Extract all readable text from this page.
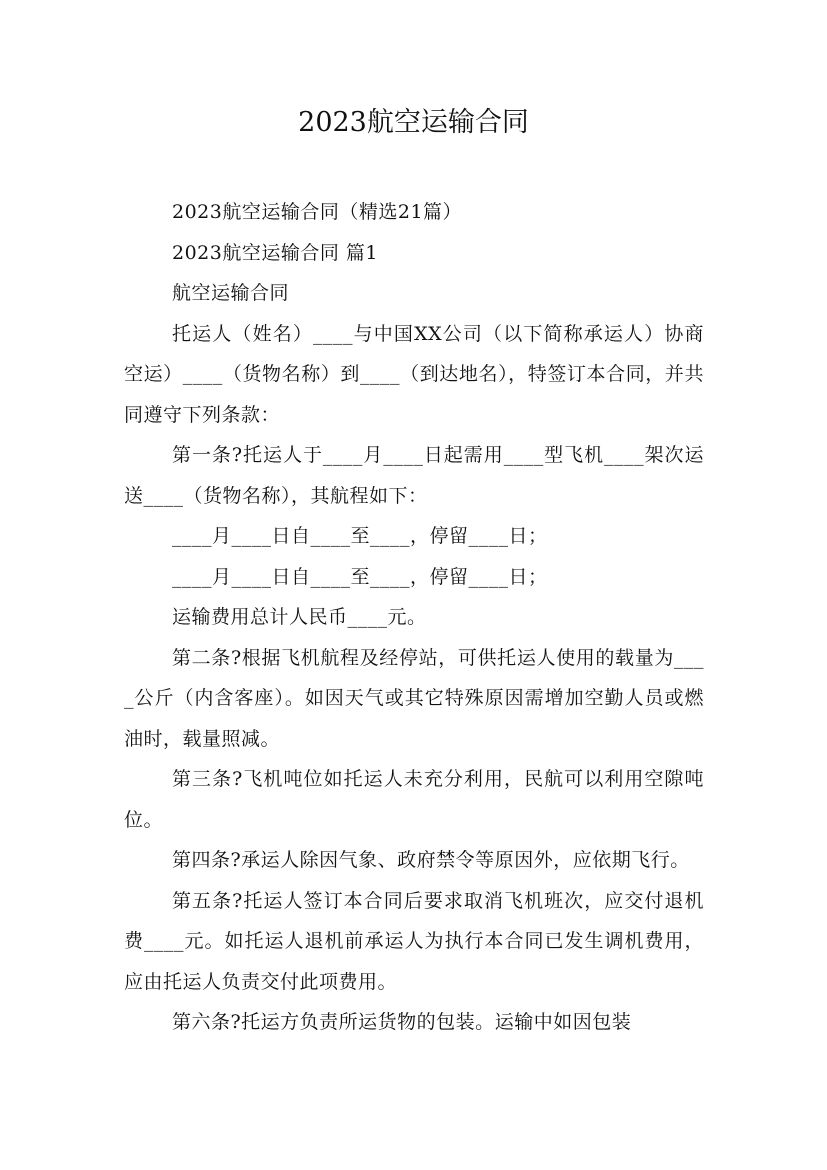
2023航空运输合同

2023航空运输合同（精选21篇）

2023航空运输合同 篇1

航空运输合同

托运人（姓名）____与中国XX公司（以下简称承运人）协商空运）____（货物名称）到____（到达地名），特签订本合同，并共同遵守下列条款：

第一条?托运人于____月____日起需用____型飞机____架次运送____（货物名称），其航程如下：

____月____日自____至____，停留____日；

____月____日自____至____，停留____日；

运输费用总计人民币____元。

第二条?根据飞机航程及经停站，可供托运人使用的载量为____公斤（内含客座）。如因天气或其它特殊原因需增加空勤人员或燃油时，载量照减。

第三条?飞机吨位如托运人未充分利用，民航可以利用空隙吨位。

第四条?承运人除因气象、政府禁令等原因外，应依期飞行。

第五条?托运人签订本合同后要求取消飞机班次，应交付退机费____元。如托运人退机前承运人为执行本合同已发生调机费用，应由托运人负责交付此项费用。

第六条?托运方负责所运货物的包装。运输中如因包装
